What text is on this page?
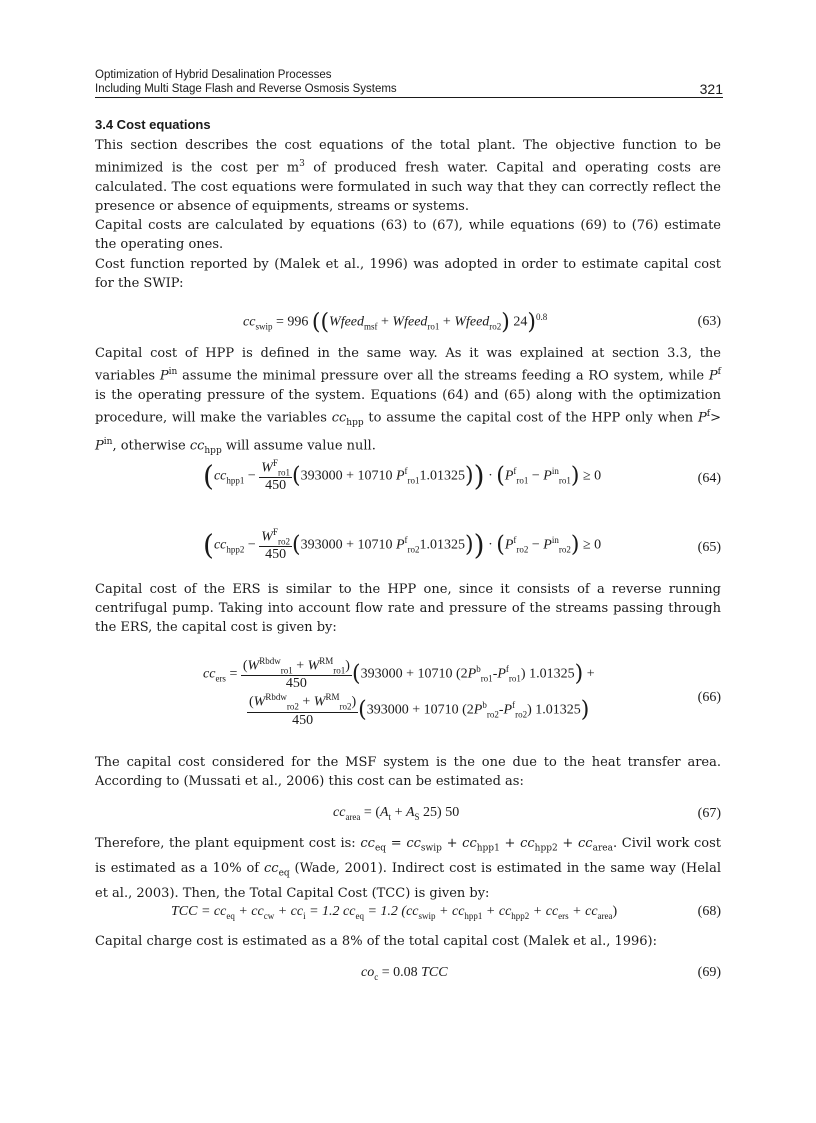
Optimization of Hybrid Desalination Processes
Including Multi Stage Flash and Reverse Osmosis Systems	321
3.4 Cost equations

This section describes the cost equations of the total plant. The objective function to be minimized is the cost per $m^3$ of produced fresh water. Capital and operating costs are calculated. The cost equations were formulated in such way that they can correctly reflect the presence or absence of equipments, streams or systems.

Capital costs are calculated by equations (63) to (67), while equations (69) to (76) estimate the operating ones.

Cost function reported by (Malek et al., 1996) was adopted in order to estimate capital cost for the SWIP:

$cc_{swip} = 996$ ((Wfeed$_{msf}$ + Wfeed$_{ro1}$ + Wfeed$_{ro2}$) 24)$^{0.8}$	(63)

Capital cost of HPP is defined in the same way. As it was explained at section 3.3, the variables $P^{in}$ assume the minimal pressure over all the streams feeding a RO system, while $P^f$ is the operating pressure of the system. Equations (64) and (65) along with the optimization procedure, will make the variables $cc_{hpp}$ to assume the capital cost of the HPP only when $P^f> P^{in}$, otherwise $cc_{hpp}$ will assume value null.

($cc_{hpp1}$ −
$W^F_{ro1}$
450 (393000 + 10710 $P^f_{ro1}1.01325)) \cdot (P^f_{ro1} - P^{in}_{ro1}) \ge 0$	(64)
($cc_{hpp2}$ −
$W^F_{ro2}$
450 (393000 + 10710 $P^f_{ro2}1.01325)) \cdot (P^f_{ro2} - P^{in}_{ro2}) \ge 0$	(65)
Capital cost of the ERS is similar to the HPP one, since it consists of a reverse running centrifugal pump. Taking into account flow rate and pressure of the streams passing through the ERS, the capital cost is given by:
$cc_{ers}$ =
$(W^{Rbdw}_{ro1} + W^{RM}_{ro1})$
450	(393000 + 10710 $(2P^b_{ro1}-P^f_{ro1}) 1.01325$) +
$(W^{Rbdw}_{ro2} + W^{RM}_{ro2})$
450	(393000 + 10710 $(2P^b_{ro2}-P^f_{ro2})$ 1.01325)
(66)
The capital cost considered for the MSF system is the one due to the heat transfer area. According to (Mussati et al., 2006) this cost can be estimated as:
$cc_{area} = (A_t + A_S$ 25) 50	(67)

Therefore, the plant equipment cost is: $cc_{eq} = cc_{swip} + cc_{hpp1} + cc_{hpp2} + cc_{area}$. Civil work cost is estimated as a 10% of $cc_{eq}$ (Wade, 2001). Indirect cost is estimated in the same way (Helal et al., 2003). Then, the Total Capital Cost (TCC) is given by:

TCC = $cc_{eq} + cc_{cw} + cc_i = 1.2$ $cc_{eq} = 1.2$ $(cc_{swip} + cc_{hpp1} + cc_{hpp2} + cc_{ers} + cc_{area})$	(68)
Capital charge cost is estimated as a 8% of the total capital cost (Malek et al., 1996):
$co_c = 0.08$ TCC	(69)
